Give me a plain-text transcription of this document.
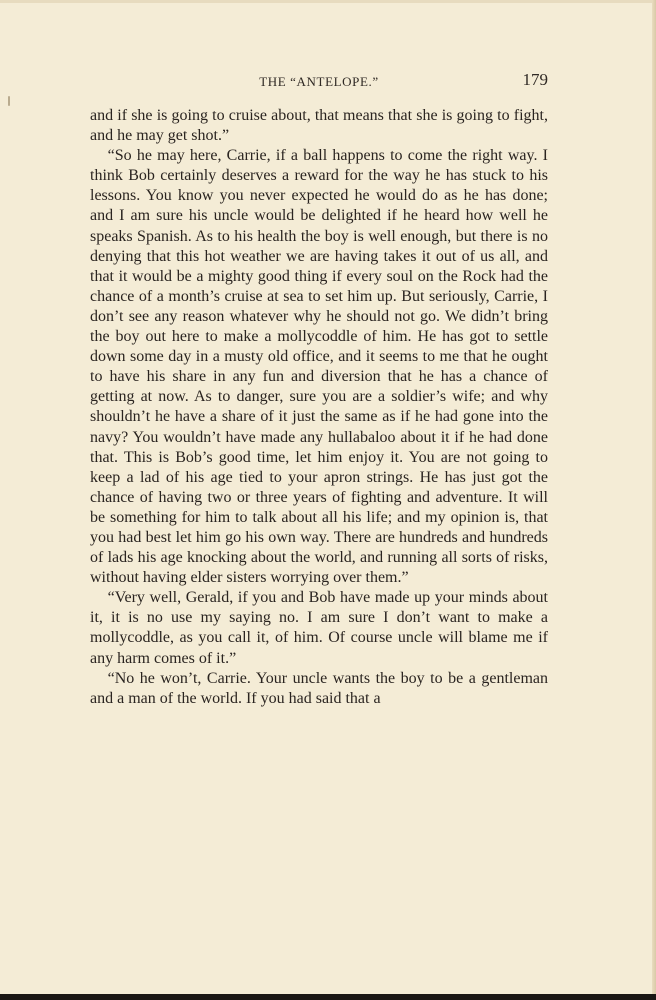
THE “ANTELOPE.”	179

and if she is going to cruise about, that means that she is going to fight, and he may get shot.”

“So he may here, Carrie, if a ball happens to come the right way. I think Bob certainly deserves a reward for the way he has stuck to his lessons. You know you never expected he would do as he has done; and I am sure his uncle would be delighted if he heard how well he speaks Spanish. As to his health the boy is well enough, but there is no denying that this hot weather we are having takes it out of us all, and that it would be a mighty good thing if every soul on the Rock had the chance of a month’s cruise at sea to set him up. But seriously, Carrie, I don’t see any reason whatever why he should not go. We didn’t bring the boy out here to make a mollycoddle of him. He has got to settle down some day in a musty old office, and it seems to me that he ought to have his share in any fun and diversion that he has a chance of getting at now. As to danger, sure you are a soldier’s wife; and why shouldn’t he have a share of it just the same as if he had gone into the navy? You wouldn’t have made any hullabaloo about it if he had done that. This is Bob’s good time, let him enjoy it. You are not going to keep a lad of his age tied to your apron strings. He has just got the chance of having two or three years of fighting and adventure. It will be something for him to talk about all his life; and my opinion is, that you had best let him go his own way. There are hundreds and hundreds of lads his age knocking about the world, and running all sorts of risks, without having elder sisters worrying over them.”

“Very well, Gerald, if you and Bob have made up your minds about it, it is no use my saying no. I am sure I don’t want to make a mollycoddle, as you call it, of him. Of course uncle will blame me if any harm comes of it.”

“No he won’t, Carrie. Your uncle wants the boy to be a gentleman and a man of the world. If you had said that a
